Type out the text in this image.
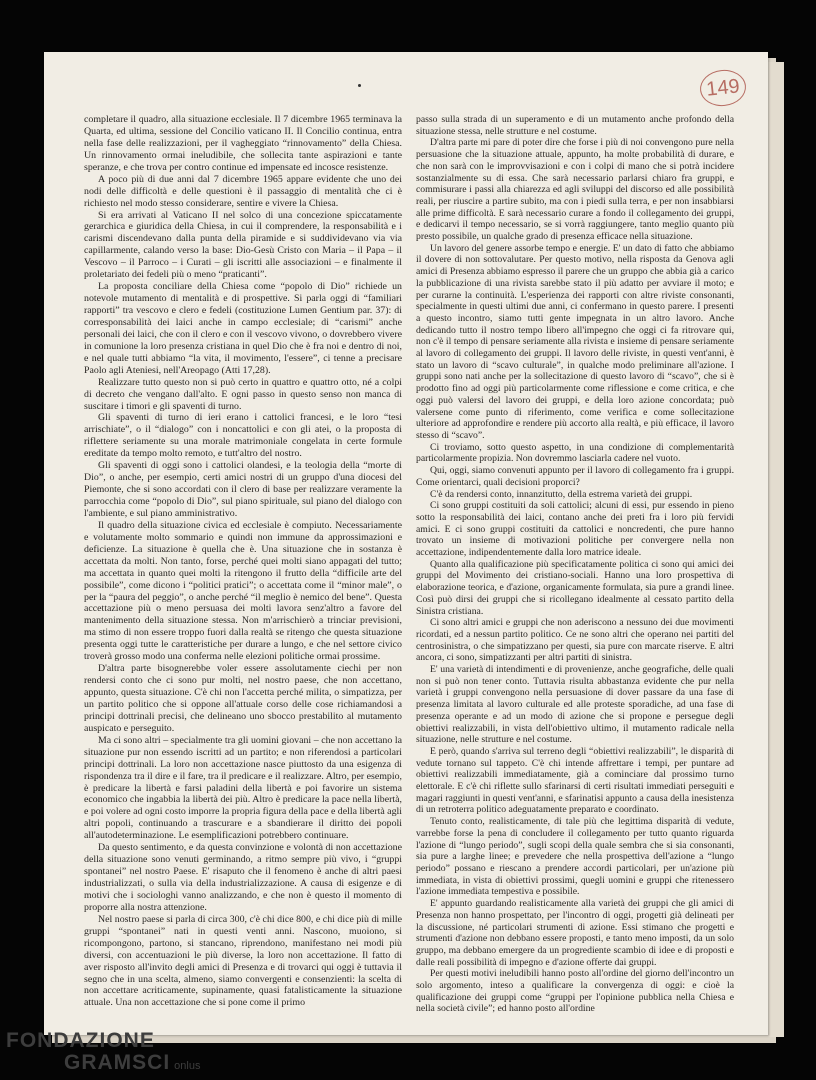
149

completare il quadro, alla situazione ecclesiale. Il 7 dicembre 1965 terminava la Quarta, ed ultima, sessione del Concilio vaticano II. Il Concilio continua, entra nella fase delle realizzazioni, per il vagheggiato “rinnovamento” della Chiesa. Un rinnovamento ormai ineludibile, che sollecita tante aspirazioni e tante speranze, e che trova per contro continue ed impensate ed incosce resistenze.

A poco più di due anni dal 7 dicembre 1965 appare evidente che uno dei nodi delle difficoltà e delle questioni è il passaggio di mentalità che ci è richiesto nel modo stesso considerare, sentire e vivere la Chiesa.

Si era arrivati al Vaticano II nel solco di una concezione spiccatamente gerarchica e giuridica della Chiesa, in cui il comprendere, la responsabilità e i carismi discendevano dalla punta della piramide e si suddividevano via via capillarmente, calando verso la base: Dio-Gesù Cristo con Maria – il Papa – il Vescovo – il Parroco – i Curati – gli iscritti alle associazioni – e finalmente il proletariato dei fedeli più o meno “praticanti”.

La proposta conciliare della Chiesa come “popolo di Dio” richiede un notevole mutamento di mentalità e di prospettive. Si parla oggi di “familiari rapporti” tra vescovo e clero e fedeli (costituzione Lumen Gentium par. 37): di corresponsabilità dei laici anche in campo ecclesiale; di “carismi” anche personali dei laici, che con il clero e con il vescovo vivono, o dovrebbero vivere in comunione la loro presenza cristiana in quel Dio che è fra noi e dentro di noi, e nel quale tutti abbiamo “la vita, il movimento, l'essere”, ci tenne a precisare Paolo agli Ateniesi, nell'Areopago (Atti 17,28).

Realizzare tutto questo non si può certo in quattro e quattro otto, né a colpi di decreto che vengano dall'alto. E ogni passo in questo senso non manca di suscitare i timori e gli spaventi di turno.

Gli spaventi di turno di ieri erano i cattolici francesi, e le loro “tesi arrischiate”, o il “dialogo” con i noncattolici e con gli atei, o la proposta di riflettere seriamente su una morale matrimoniale congelata in certe formule ereditate da tempo molto remoto, e tutt'altro del nostro.

Gli spaventi di oggi sono i cattolici olandesi, e la teologia della “morte di Dio”, o anche, per esempio, certi amici nostri di un gruppo d'una diocesi del Piemonte, che si sono accordati con il clero di base per realizzare veramente la parrocchia come “popolo di Dio”, sul piano spirituale, sul piano del dialogo con l'ambiente, e sul piano amministrativo.

Il quadro della situazione civica ed ecclesiale è compiuto. Necessariamente e volutamente molto sommario e quindi non immune da approssimazioni e deficienze. La situazione è quella che è. Una situazione che in sostanza è accettata da molti. Non tanto, forse, perché quei molti siano appagati del tutto; ma accettata in quanto quei molti la ritengono il frutto della “difficile arte del possibile”, come dicono i “politici pratici”; o accettata come il “minor male”, o per la “paura del peggio”, o anche perché “il meglio è nemico del bene”. Questa accettazione più o meno persuasa dei molti lavora senz'altro a favore del mantenimento della situazione stessa. Non m'arrischierò a trinciar previsioni, ma stimo di non essere troppo fuori dalla realtà se ritengo che questa situazione presenta oggi tutte le caratteristiche per durare a lungo, e che nel settore civico troverà grosso modo una conferma nelle elezioni politiche ormai prossime.

D'altra parte bisognerebbe voler essere assolutamente ciechi per non rendersi conto che ci sono pur molti, nel nostro paese, che non accettano, appunto, questa situazione. C'è chi non l'accetta perché milita, o simpatizza, per un partito politico che si oppone all'attuale corso delle cose richiamandosi a principi dottrinali precisi, che delineano uno sbocco prestabilito al mutamento auspicato e perseguito.

Ma ci sono altri – specialmente tra gli uomini giovani – che non accettano la situazione pur non essendo iscritti ad un partito; e non riferendosi a particolari principi dottrinali. La loro non accettazione nasce piuttosto da una esigenza di rispondenza tra il dire e il fare, tra il predicare e il realizzare. Altro, per esempio, è predicare la libertà e farsi paladini della libertà e poi favorire un sistema economico che ingabbia la libertà dei più. Altro è predicare la pace nella libertà, e poi volere ad ogni costo imporre la propria figura della pace e della libertà agli altri popoli, continuando a trascurare e a sbandierare il diritto dei popoli all'autodeterminazione. Le esemplificazioni potrebbero continuare.

Da questo sentimento, e da questa convinzione e volontà di non accettazione della situazione sono venuti germinando, a ritmo sempre più vivo, i “gruppi spontanei” nel nostro Paese. E' risaputo che il fenomeno è anche di altri paesi industrializzati, o sulla via della industrializzazione. A causa di esigenze e di motivi che i sociologhi vanno analizzando, e che non è questo il momento di proporre alla nostra attenzione.

Nel nostro paese si parla di circa 300, c'è chi dice 800, e chi dice più di mille gruppi “spontanei” nati in questi venti anni. Nascono, muoiono, si ricompongono, partono, si stancano, riprendono, manifestano nei modi più diversi, con accentuazioni le più diverse, la loro non accettazione. Il fatto di aver risposto all'invito degli amici di Presenza e di trovarci qui oggi è tuttavia il segno che in una scelta, almeno, siamo convergenti e consenzienti: la scelta di non accettare acriticamente, supinamente, quasi fatalisticamente la situazione attuale. Una non accettazione che si pone come il primo

passo sulla strada di un superamento e di un mutamento anche profondo della situazione stessa, nelle strutture e nel costume.

D'altra parte mi pare di poter dire che forse i più di noi convengono pure nella persuasione che la situazione attuale, appunto, ha molte probabilità di durare, e che non sarà con le improvvisazioni e con i colpi di mano che si potrà incidere sostanzialmente su di essa. Che sarà necessario parlarsi chiaro fra gruppi, e commisurare i passi alla chiarezza ed agli sviluppi del discorso ed alle possibilità reali, per riuscire a partire subito, ma con i piedi sulla terra, e per non insabbiarsi alle prime difficoltà. E sarà necessario curare a fondo il collegamento dei gruppi, e dedicarvi il tempo necessario, se si vorrà raggiungere, tanto meglio quanto più presto possibile, un qualche grado di presenza efficace nella situazione.

Un lavoro del genere assorbe tempo e energie. E' un dato di fatto che abbiamo il dovere di non sottovalutare. Per questo motivo, nella risposta da Genova agli amici di Presenza abbiamo espresso il parere che un gruppo che abbia già a carico la pubblicazione di una rivista sarebbe stato il più adatto per avviare il moto; e per curarne la continuità. L'esperienza dei rapporti con altre riviste consonanti, specialmente in questi ultimi due anni, ci confermano in questo parere. I presenti a questo incontro, siamo tutti gente impegnata in un altro lavoro. Anche dedicando tutto il nostro tempo libero all'impegno che oggi ci fa ritrovare qui, non c'è il tempo di pensare seriamente alla rivista e insieme di pensare seriamente al lavoro di collegamento dei gruppi. Il lavoro delle riviste, in questi vent'anni, è stato un lavoro di “scavo culturale”, in qualche modo preliminare all'azione. I gruppi sono nati anche per la sollecitazione di questo lavoro di “scavo”, che si è prodotto fino ad oggi più particolarmente come riflessione e come critica, e che oggi può valersi del lavoro dei gruppi, e della loro azione concordata; può valersene come punto di riferimento, come verifica e come sollecitazione ulteriore ad approfondire e rendere più accorto alla realtà, e più efficace, il lavoro stesso di “scavo”.

Ci troviamo, sotto questo aspetto, in una condizione di complementarità particolarmente propizia. Non dovremmo lasciarla cadere nel vuoto.

Qui, oggi, siamo convenuti appunto per il lavoro di collegamento fra i gruppi. Come orientarci, quali decisioni proporci?

C'è da rendersi conto, innanzitutto, della estrema varietà dei gruppi.

Ci sono gruppi costituiti da soli cattolici; alcuni di essi, pur essendo in pieno sotto la responsabilità dei laici, contano anche dei preti fra i loro più fervidi amici. E ci sono gruppi costituiti da cattolici e noncredenti, che pure hanno trovato un insieme di motivazioni politiche per convergere nella non accettazione, indipendentemente dalla loro matrice ideale.

Quanto alla qualificazione più specificatamente politica ci sono qui amici dei gruppi del Movimento dei cristiano-sociali. Hanno una loro prospettiva di elaborazione teorica, e d'azione, organicamente formulata, sia pure a grandi linee. Così può dirsi dei gruppi che si ricollegano idealmente al cessato partito della Sinistra cristiana.

Ci sono altri amici e gruppi che non aderiscono a nessuno dei due movimenti ricordati, ed a nessun partito politico. Ce ne sono altri che operano nei partiti del centrosinistra, o che simpatizzano per questi, sia pure con marcate riserve. E altri ancora, ci sono, simpatizzanti per altri partiti di sinistra.

E' una varietà di intendimenti e di provenienze, anche geografiche, delle quali non si può non tener conto. Tuttavia risulta abbastanza evidente che pur nella varietà i gruppi convengono nella persuasione di dover passare da una fase di presenza limitata al lavoro culturale ed alle proteste sporadiche, ad una fase di presenza operante e ad un modo di azione che si propone e persegue degli obiettivi realizzabili, in vista dell'obiettivo ultimo, il mutamento radicale nella situazione, nelle strutture e nel costume.

E però, quando s'arriva sul terreno degli “obiettivi realizzabili”, le disparità di vedute tornano sul tappeto. C'è chi intende affrettare i tempi, per puntare ad obiettivi realizzabili immediatamente, già a cominciare dal prossimo turno elettorale. E c'è chi riflette sullo sfarinarsi di certi risultati immediati perseguiti e magari raggiunti in questi vent'anni, e sfarinatisi appunto a causa della inesistenza di un retroterra politico adeguatamente preparato e coordinato.

Tenuto conto, realisticamente, di tale più che legittima disparità di vedute, varrebbe forse la pena di concludere il collegamento per tutto quanto riguarda l'azione di “lungo periodo”, sugli scopi della quale sembra che si sia consonanti, sia pure a larghe linee; e prevedere che nella prospettiva dell'azione a “lungo periodo” possano e riescano a prendere accordi particolari, per un'azione più immediata, in vista di obiettivi prossimi, quegli uomini e gruppi che ritenessero l'azione immediata tempestiva e possibile.

E' appunto guardando realisticamente alla varietà dei gruppi che gli amici di Presenza non hanno prospettato, per l'incontro di oggi, progetti già delineati per la discussione, né particolari strumenti di azione. Essi stimano che progetti e strumenti d'azione non debbano essere proposti, e tanto meno imposti, da un solo gruppo, ma debbano emergere da un progrediente scambio di idee e di proposti e dalle reali possibilità di impegno e d'azione offerte dai gruppi.

Per questi motivi ineludibili hanno posto all'ordine del giorno dell'incontro un solo argomento, inteso a qualificare la convergenza di oggi: e cioè la qualificazione dei gruppi come “gruppi per l'opinione pubblica nella Chiesa e nella società civile”; ed hanno posto all'ordine

FONDAZIONE
GRAMSCI onlus
